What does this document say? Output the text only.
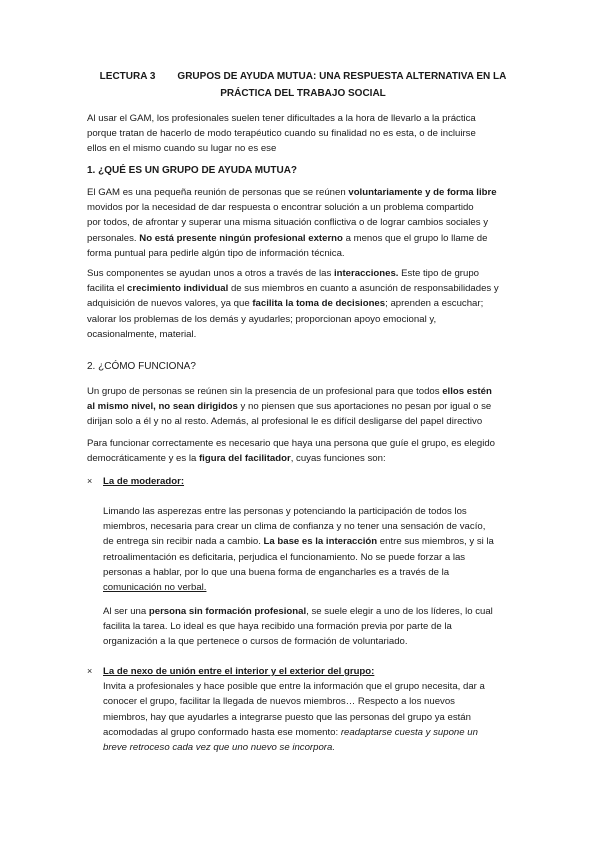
LECTURA 3 GRUPOS DE AYUDA MUTUA: UNA RESPUESTA ALTERNATIVA EN LA
PRÁCTICA DEL TRABAJO SOCIAL
Al usar el GAM, los profesionales suelen tener dificultades a la hora de llevarlo a la práctica
porque tratan de hacerlo de modo terapéutico cuando su finalidad no es esta, o de incluirse
ellos en el mismo cuando su lugar no es ese
1. ¿QUÉ ES UN GRUPO DE AYUDA MUTUA?
El GAM es una pequeña reunión de personas que se reúnen voluntariamente y de forma libre
movidos por la necesidad de dar respuesta o encontrar solución a un problema compartido
por todos, de afrontar y superar una misma situación conflictiva o de lograr cambios sociales y
personales. No está presente ningún profesional externo a menos que el grupo lo llame de
forma puntual para pedirle algún tipo de información técnica.
Sus componentes se ayudan unos a otros a través de las interacciones. Este tipo de grupo
facilita el crecimiento individual de sus miembros en cuanto a asunción de responsabilidades y
adquisición de nuevos valores, ya que facilita la toma de decisiones; aprenden a escuchar;
valorar los problemas de los demás y ayudarles; proporcionan apoyo emocional y,
ocasionalmente, material.
2. ¿CÓMO FUNCIONA?
Un grupo de personas se reúnen sin la presencia de un profesional para que todos ellos estén
al mismo nivel, no sean dirigidos y no piensen que sus aportaciones no pesan por igual o se
dirijan solo a él y no al resto. Además, al profesional le es difícil desligarse del papel directivo
Para funcionar correctamente es necesario que haya una persona que guíe el grupo, es elegido
democráticamente y es la figura del facilitador, cuyas funciones son:
× La de moderador:
Limando las asperezas entre las personas y potenciando la participación de todos los
miembros, necesaria para crear un clima de confianza y no tener una sensación de vacío,
de entrega sin recibir nada a cambio. La base es la interacción entre sus miembros, y si la
retroalimentación es deficitaria, perjudica el funcionamiento. No se puede forzar a las
personas a hablar, por lo que una buena forma de engancharles es a través de la
comunicación no verbal.
Al ser una persona sin formación profesional, se suele elegir a uno de los líderes, lo cual
facilita la tarea. Lo ideal es que haya recibido una formación previa por parte de la
organización a la que pertenece o cursos de formación de voluntariado.
× La de nexo de unión entre el interior y el exterior del grupo:
Invita a profesionales y hace posible que entre la información que el grupo necesita, dar a
conocer el grupo, facilitar la llegada de nuevos miembros… Respecto a los nuevos
miembros, hay que ayudarles a integrarse puesto que las personas del grupo ya están
acomodadas al grupo conformado hasta ese momento: readaptarse cuesta y supone un
breve retroceso cada vez que uno nuevo se incorpora.
